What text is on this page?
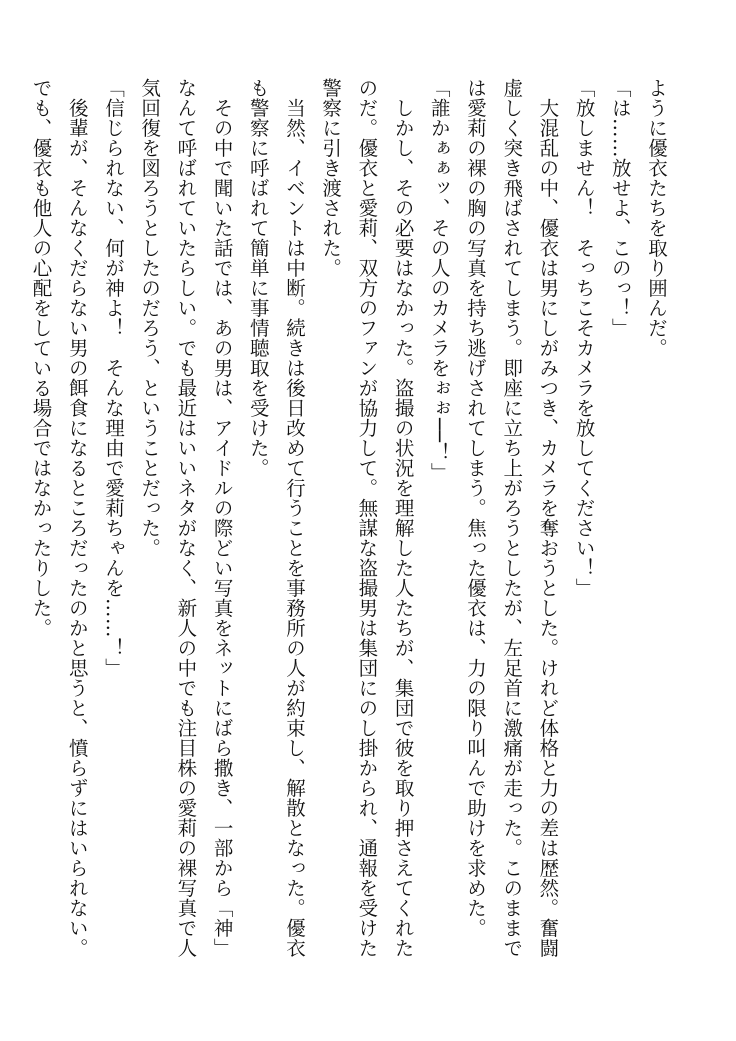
ように優衣たちを取り囲んだ。
「は……放せよ、このっ！」
「放しません！　そっちこそカメラを放してください！」
　大混乱の中、優衣は男にしがみつき、カメラを奪おうとした。けれど体格と力の差は歴然。奮闘
虚しく突き飛ばされてしまう。即座に立ち上がろうとしたが、左足首に激痛が走った。このままで
は愛莉の裸の胸の写真を持ち逃げされてしまう。焦った優衣は、力の限り叫んで助けを求めた。
「誰かぁぁッ、その人のカメラをぉぉ──！」
　しかし、その必要はなかった。盗撮の状況を理解した人たちが、集団で彼を取り押さえてくれた
のだ。優衣と愛莉、双方のファンが協力して。無謀な盗撮男は集団にのし掛かられ、通報を受けた
警察に引き渡された。
　当然、イベントは中断。続きは後日改めて行うことを事務所の人が約束し、解散となった。優衣
も警察に呼ばれて簡単に事情聴取を受けた。
　その中で聞いた話では、あの男は、アイドルの際どい写真をネットにばら撒き、一部から「神」
なんて呼ばれていたらしい。でも最近はいいネタがなく、新人の中でも注目株の愛莉の裸写真で人
気回復を図ろうとしたのだろう、ということだった。
「信じられない、何が神よ！　そんな理由で愛莉ちゃんを……！」
　後輩が、そんなくだらない男の餌食になるところだったのかと思うと、憤らずにはいられない。
でも、優衣も他人の心配をしている場合ではなかったりした。
